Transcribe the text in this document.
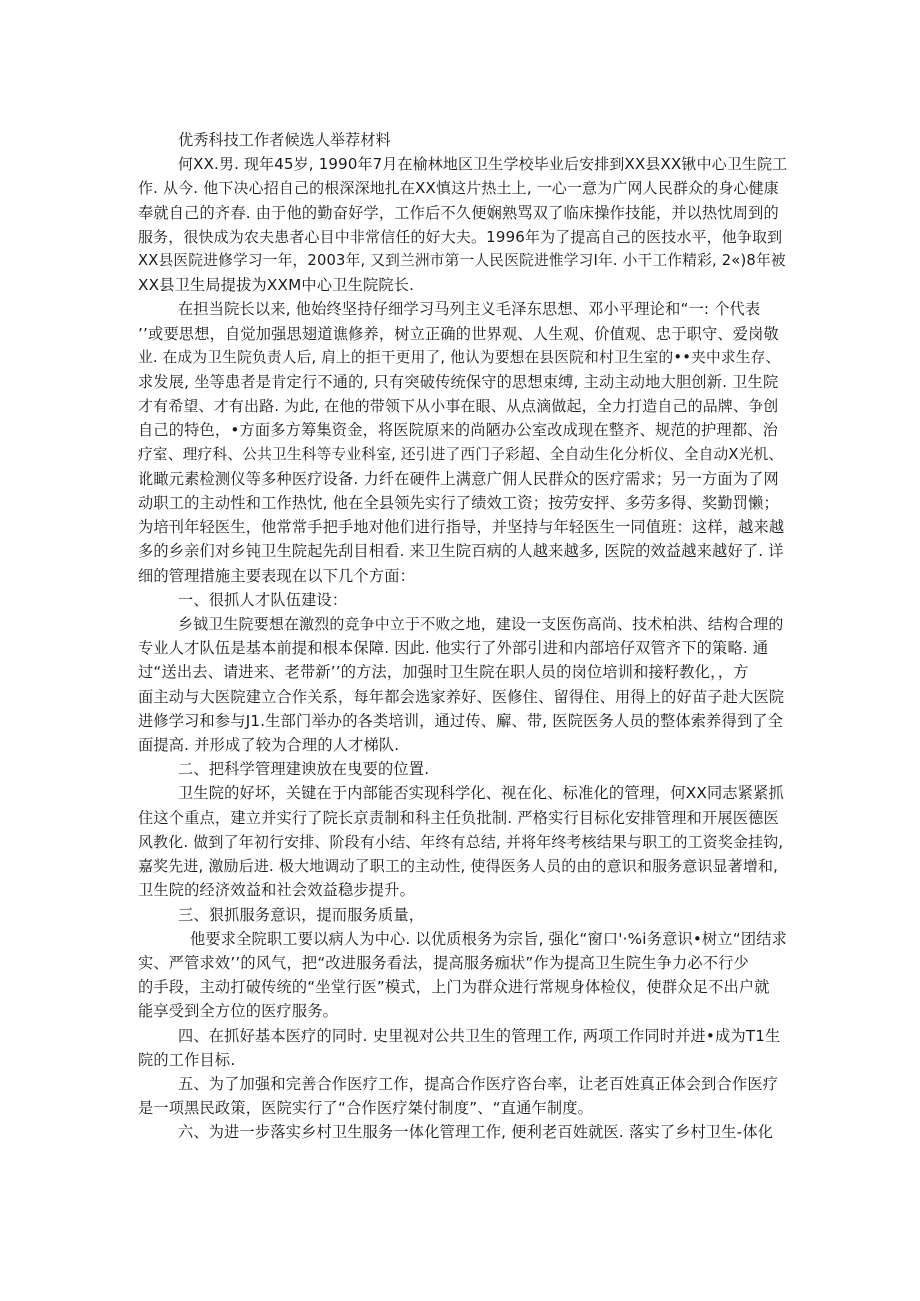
优秀科技工作者候选人举荐材料
何XX.男. 现年45岁, 1990年7月在榆林地区卫生学校毕业后安排到XX县XX锹中心卫生院工
作. 从今. 他下决心招自己的根深深地扎在XX慎这片热土上, 一心一意为广网人民群众的身心健康
奉就自己的齐春. 由于他的勤奋好学，工作后不久便娴熟骂双了临床操作技能，并以热忱周到的
服务，很快成为农夫患者心目中非常信任的好大夫。1996年为了提高自己的医技水平，他争取到
XX县医院进修学习一年，2003年, 又到兰洲市第一人民医院进惟学习I年. 小干工作精彩, 2«)8年被
XX县卫生局提拔为XXM中心卫生院院长.
在担当院长以来, 他始终坚持仔细学习马列主义毛泽东思想、邓小平理论和“一: 个代表
’’或要思想，自觉加强思翅道谯修养，树立正确的世界观、人生观、价值观、忠于职守、爱岗敬
业. 在成为卫生院负责人后, 肩上的拒干更用了, 他认为要想在县医院和村卫生室的••夹中求生存、
求发展, 坐等患者是肯定行不通的, 只有突破传统保守的思想束缚, 主动主动地大胆创新. 卫生院
才有希望、才有出路. 为此, 在他的带领下从小事在眼、从点滴做起，全力打造自己的品牌、争创
自己的特色，•方面多方筹集资金，将医院原来的尚陋办公室改成现在整齐、规范的护理都、治
疗室、理疗科、公共卫生科等专业科室, 还引进了西门子彩超、全自动生化分析仪、全自动X光机、
讹瞰元素检测仪等多种医疗设备. 力纤在硬件上满意广佣人民群众的医疗需求；另一方面为了网
动职工的主动性和工作热忱, 他在全县领先实行了绩效工资；按劳安抨、多劳多得、奖勤罚懒；
为培刊年轻医生，他常常手把手地对他们进行指导，并坚持与年轻医生一同值班：这样，越来越
多的乡亲们对乡钝卫生院起先刮目相看. 来卫生院百病的人越来越多, 医院的效益越来越好了. 详
细的管理措施主要表现在以下几个方面：
一、很抓人才队伍建设：
乡钺卫生院要想在激烈的竞争中立于不败之地，建设一支医伤高尚、技术柏洪、结构合理的
专业人才队伍是基本前提和根本保障. 因此. 他实行了外部引进和内部培仔双管齐下的策略. 通
过“送出去、请进来、老带新’’的方法，加强时卫生院在职人员的岗位培训和接籽教化，，方
面主动与大医院建立合作关系，每年都会选家养好、医修住、留得住、用得上的好苗子赴大医院
进修学习和参与J1.生部门举办的各类培训，通过传、廨、带, 医院医务人员的整体索养得到了全
面提高. 并形成了较为合理的人才梯队.
二、把科学管理建谀放在曳要的位置.
卫生院的好坏，关键在于内部能否实现科学化、视在化、标准化的管理，何XX同志紧紧抓
住这个重点，建立并实行了院长京责制和科主任负批制. 严格实行目标化安排管理和开展医德医
风教化. 做到了年初行安排、阶段有小结、年终有总结, 并将年终考核结果与职工的工资奖金挂钩,
嘉奖先进, 激励后进. 极大地调动了职工的主动性, 使得医务人员的由的意识和服务意识显著增和,
卫生院的经济效益和社会效益稳步提升。
三、狠抓服务意识，提而服务质量，
他要求全院职工要以病人为中心. 以优质根务为宗旨, 强化“窗口'·%i务意识•树立“团结求
实、严管求效’’的风气，把“改进服务看法，提高服务痂状”作为提高卫生院生争力必不行少
的手段，主动打破传统的“坐堂行医”模式，上门为群众进行常规身体检仪，使群众足不出户就
能享受到全方位的医疗服务。
四、在抓好基本医疗的同时. 史里视对公共卫生的管理工作, 两项工作同时并进•成为T1生
院的工作目标.
五、为了加强和完善合作医疗工作，提高合作医疗咨台率，让老百姓真正体会到合作医疗
是一项黑民政策，医院实行了“合作医疗桀付制度”、“直通乍制度。
六、为进一步落实乡村卫生服务一体化管理工作, 便利老百姓就医. 落实了乡村卫生-体化
